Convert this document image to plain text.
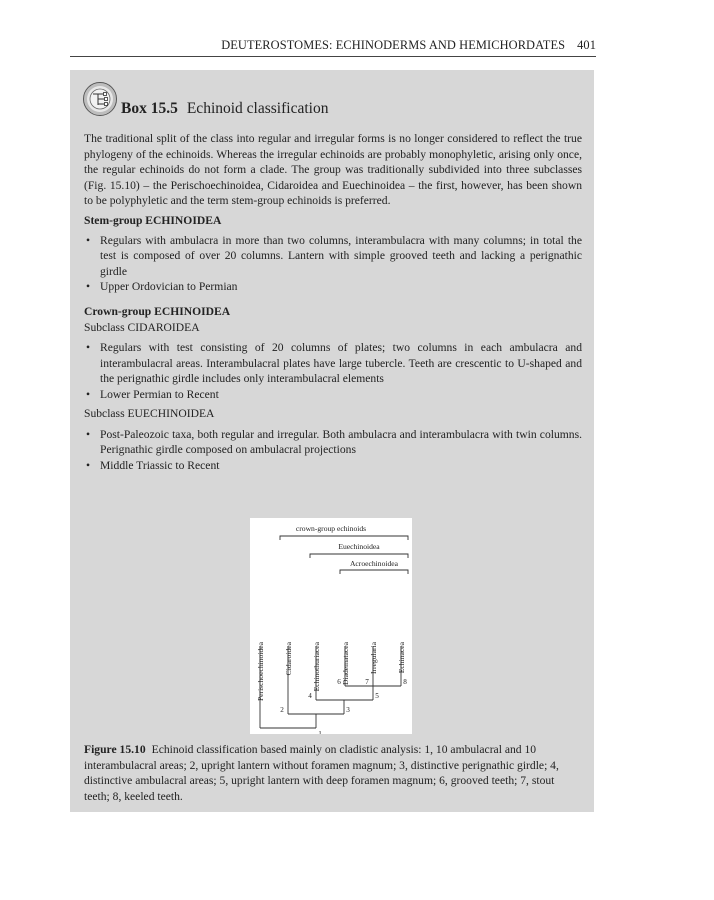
DEUTEROSTOMES: ECHINODERMS AND HEMICHORDATES 401
Box 15.5 Echinoid classification

The traditional split of the class into regular and irregular forms is no longer considered to reflect the true phylogeny of the echinoids. Whereas the irregular echinoids are probably monophyletic, arising only once, the regular echinoids do not form a clade. The group was traditionally subdivided into three subclasses (Fig. 15.10) – the Perischoechinoidea, Cidaroidea and Euechinoidea – the first, however, has been shown to be polyphyletic and the term stem-group echinoids is preferred.

Stem-group ECHINOIDEA

• Regulars with ambulacra in more than two columns, interambulacra with many columns; in total the test is composed of over 20 columns. Lantern with simple grooved teeth and lacking a perignathic girdle

• Upper Ordovician to Permian

Crown-group ECHINOIDEA

Subclass CIDAROIDEA

• Regulars with test consisting of 20 columns of plates; two columns in each ambulacra and interambulacral areas. Interambulacral plates have large tubercle. Teeth are crescentic to U-shaped and the perignathic girdle includes only interambulacral elements

• Lower Permian to Recent

Subclass EUECHINOIDEA

• Post-Paleozoic taxa, both regular and irregular. Both ambulacra and interambulacra with twin columns. Perignathic girdle composed on ambulacral projections

• Middle Triassic to Recent

crown-group echinoids
Euechinoidea
Acroechinoidea
Perischoechinoidea	Cidaroidea	Echinothuriacea	Diadematacea	Irregularia	Echinacea
1
2	3
4	5
6	7	8
Figure 15.10 Echinoid classification based mainly on cladistic analysis: 1, 10 ambulacral and 10 interambulacral areas; 2, upright lantern without foramen magnum; 3, distinctive perignathic girdle; 4, distinctive ambulacral areas; 5, upright lantern with deep foramen magnum; 6, grooved teeth; 7, stout teeth; 8, keeled teeth.
